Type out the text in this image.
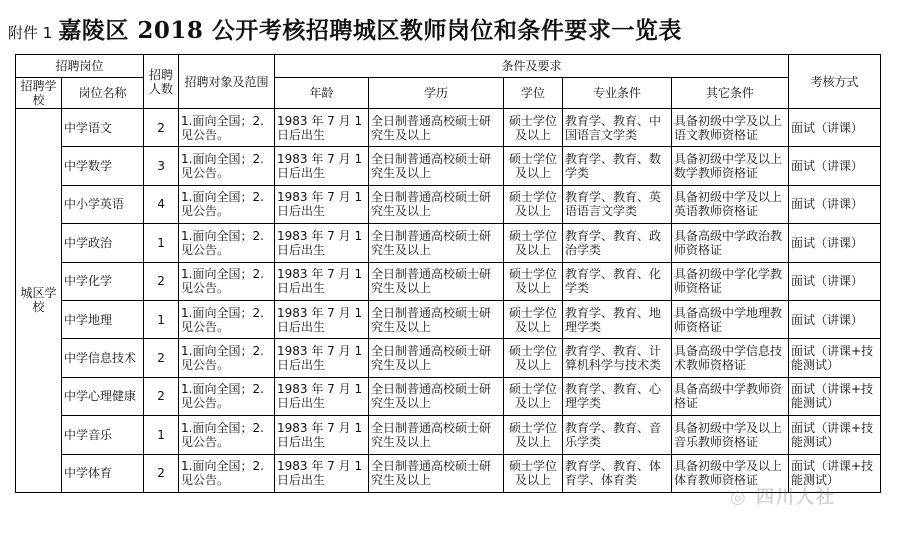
附件 1 嘉陵区 2018 公开考核招聘城区教师岗位和条件要求一览表
招聘岗位		招聘人数	招聘对象及范围	条件及要求					考核方式
招聘学校	岗位名称			年龄	学历	学位	专业条件	其它条件	
城区学校	中学语文	2	1.面向全国；2.见公告。	1983 年 7 月 1 日后出生	全日制普通高校硕士研究生及以上	硕士学位及以上	教育学、教育、中国语言文学类	具备初级中学及以上语文教师资格证	面试（讲课）
	中学数学	3	1.面向全国；2.见公告。	1983 年 7 月 1 日后出生	全日制普通高校硕士研究生及以上	硕士学位及以上	教育学、教育、数学类	具备初级中学及以上数学教师资格证	面试（讲课）
	中小学英语	4	1.面向全国；2.见公告。	1983 年 7 月 1 日后出生	全日制普通高校硕士研究生及以上	硕士学位及以上	教育学、教育、英语语言文学类	具备初级中学及以上英语教师资格证	面试（讲课）
	中学政治	1	1.面向全国；2.见公告。	1983 年 7 月 1 日后出生	全日制普通高校硕士研究生及以上	硕士学位及以上	教育学、教育、政治学类	具备高级中学政治教师资格证	面试（讲课）
	中学化学	2	1.面向全国；2.见公告。	1983 年 7 月 1 日后出生	全日制普通高校硕士研究生及以上	硕士学位及以上	教育学、教育、化学类	具备初级中学化学教师资格证	面试（讲课）
	中学地理	1	1.面向全国；2.见公告。	1983 年 7 月 1 日后出生	全日制普通高校硕士研究生及以上	硕士学位及以上	教育学、教育、地理学类	具备高级中学地理教师资格证	面试（讲课）
	中学信息技术	2	1.面向全国；2.见公告。	1983 年 7 月 1 日后出生	全日制普通高校硕士研究生及以上	硕士学位及以上	教育学、教育、计算机科学与技术类	具备高级中学信息技术教师资格证	面试（讲课+技能测试）
	中学心理健康	2	1.面向全国；2.见公告。	1983 年 7 月 1 日后出生	全日制普通高校硕士研究生及以上	硕士学位及以上	教育学、教育、心理学类	具备高级中学教师资格证	面试（讲课+技能测试）
	中学音乐	1	1.面向全国；2.见公告。	1983 年 7 月 1 日后出生	全日制普通高校硕士研究生及以上	硕士学位及以上	教育学、教育、音乐学类	具备初级中学及以上音乐教师资格证	面试（讲课+技能测试）
	中学体育	2	1.面向全国；2.见公告。	1983 年 7 月 1 日后出生	全日制普通高校硕士研究生及以上	硕士学位及以上	教育学、教育、体育学、体育类	具备初级中学及以上体育教师资格证	面试（讲课+技能测试）
◎ 四川人社
